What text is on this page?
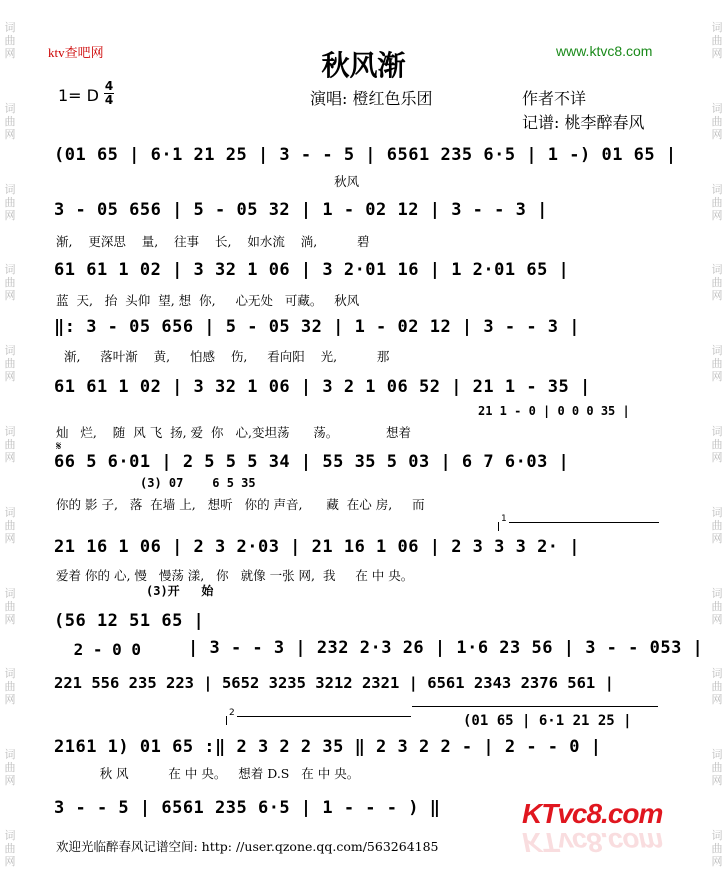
词
曲
网
词
曲
网
词
曲
网
词
曲
网
词
曲
网
词
曲
网
词
曲
网
词
曲
网
词
曲
网
词
曲
网
词
曲
网
词
曲
网
词
曲
网
词
曲
网
词
曲
网
词
曲
网
词
曲
网
词
曲
网
词
曲
网
词
曲
网
词
曲
网
词
曲
网
ktv查吧网	秋风渐	www.ktvc8.com
1= D 4
4	演唱: 橙红色乐团	作者不详
记谱: 桃李醉春风
(01 65 | 6·1 21 25 | 3 - - 5 | 6561 235 6·5 | 1 -) 01 65 |
秋风
3 - 05 656 | 5 - 05 32 | 1 - 02 12 | 3 - - 3 |
渐,    更深思    量,    往事    长,    如水流    淌,          碧
61 61 1 02 | 3 32 1 06 | 3 2·01 16 | 1 2·01 65 |
蓝  天,   抬  头仰  望, 想  你,     心无处   可藏。   秋风
‖: 3 - 05 656 | 5 - 05 32 | 1 - 02 12 | 3 - - 3 |
渐,     落叶渐    黄,     怕感    伤,     看向阳    光,          那
61 61 1 02 | 3 32 1 06 | 3 2 1 06 52 | 21 1 - 35 |
21 1 - 0 | 0 0 0 35 |
灿   烂,    随  风 飞  扬, 爱  你   心,变坦荡      荡。            想着
𝄋
66 5 6·01 | 2 5 5 5 34 | 55 35 5 03 | 6 7 6·03 |
(3) 07    6 5 35
你的 影 子,   落  在墙 上,   想听   你的 声音,      藏  在心 房,     而
1
21 16 1 06 | 2 3 2·03 | 21 16 1 06 | 2 3 3 3 2· |
爱着 你的 心, 慢   慢荡 漾,   你   就像 一张 网,  我     在 中 央。
(3)开   始
(56 12 51 65 |
2 - 0 0	| 3 - - 3 | 232 2·3 26 | 1·6 23 56 | 3 - - 053 |
221 556 235 223 | 5652 3235 3212 2321 | 6561 2343 2376 561 |
2	(01 65 | 6·1 21 25 |
2161 1) 01 65 :‖ 2 3 2 2 35 ‖ 2 3 2 2 - | 2 - - 0 |
秋 风          在 中 央。   想着 D.S   在 中 央。
3 - - 5 | 6561 235 6·5 | 1 - - - ) ‖
欢迎光临醉春风记谱空间: http: //user.qzone.qq.com/563264185
KTvc8.com
KTvc8.com
